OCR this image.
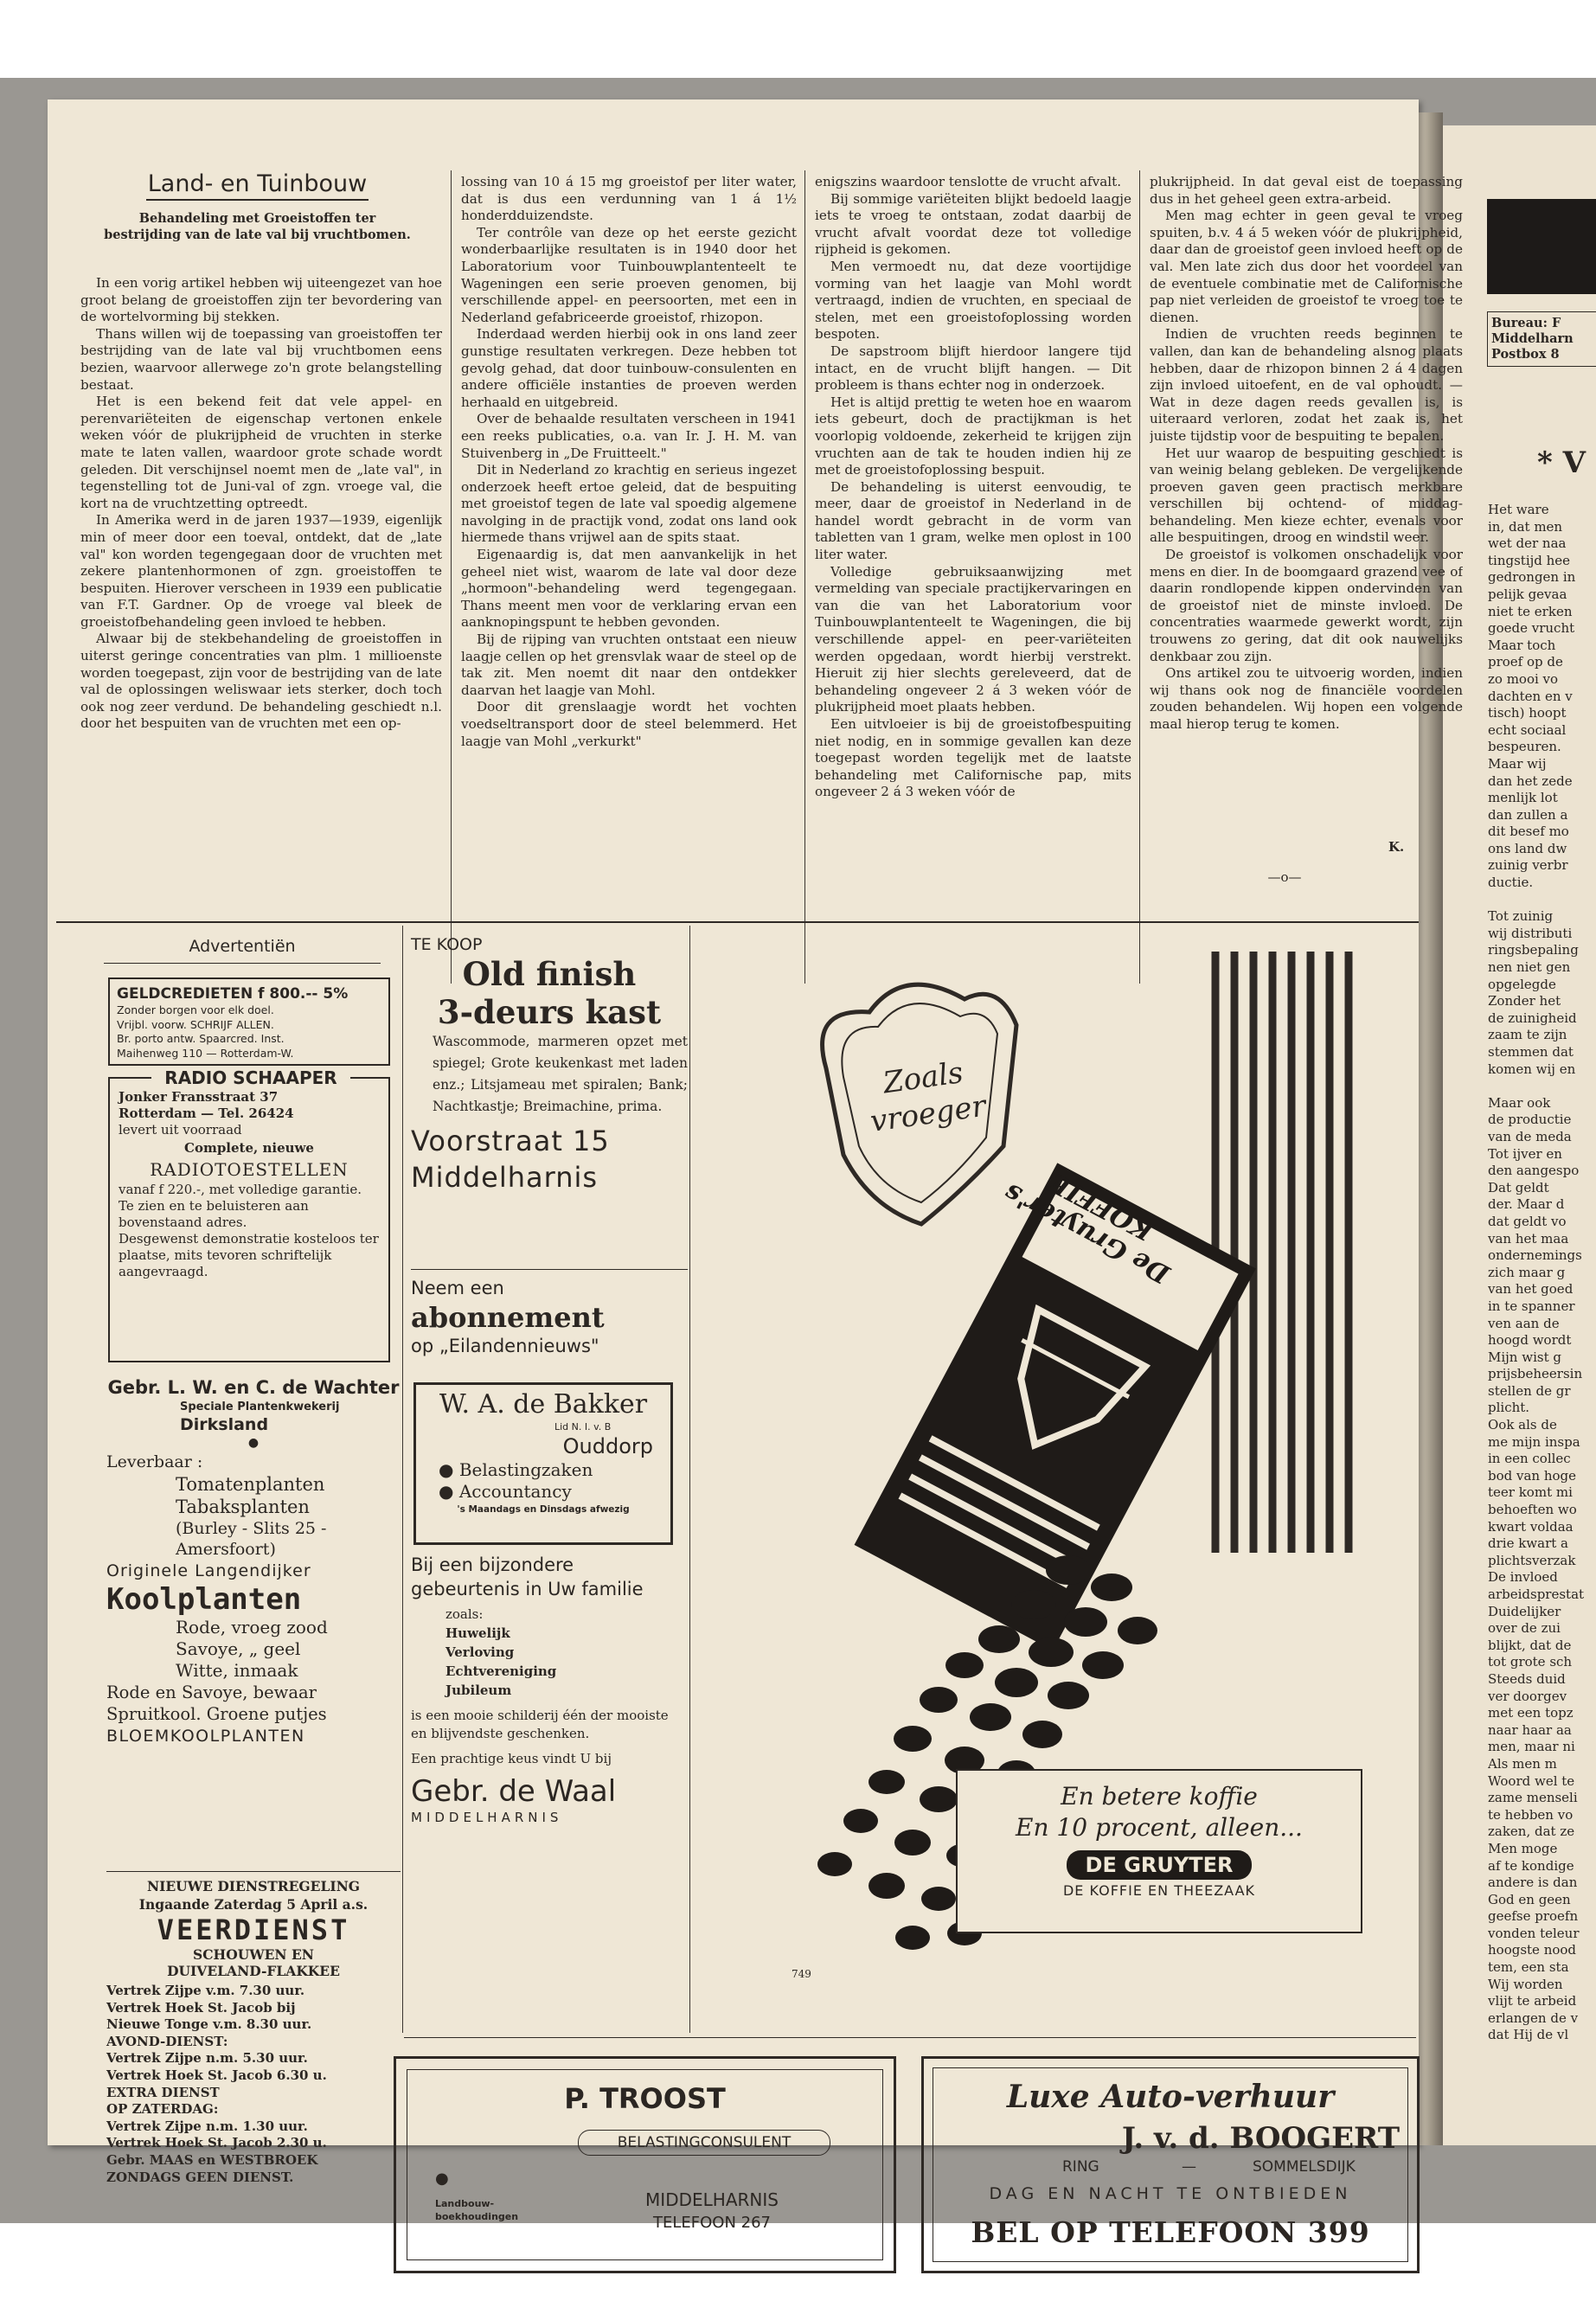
Bureau: F
Middelharn
Postbox 8
* V
Het ware
in, dat men
wet der naa
tingstijd hee
gedrongen in
pelijk gevaa
niet te erken
goede vrucht
Maar toch
proef op de
zo mooi vo
dachten en v
tisch) hoopt
echt sociaal
bespeuren.
Maar wij
dan het zede
menlijk lot
dan zullen a
dit besef mo
ons land dw
zuinig verbr
ductie.
Tot zuinig
wij distributi
ringsbepaling
nen niet gen
opgelegde
Zonder het
de zuinigheid
zaam te zijn
stemmen dat
komen wij en
Maar ook
de productie
van de meda
Tot ijver en
den aangespo
Dat geldt
der. Maar d
dat geldt vo
van het maa
ondernemings
zich maar g
van het goed
in te spanner
ven aan de
hoogd wordt
Mijn wist g
prijsbeheersin
stellen de gr
plicht.
Ook als de
me mijn inspa
in een collec
bod van hoge
teer komt mi
behoeften wo
kwart voldaa
drie kwart a
plichtsverzak
De invloed
arbeidsprestat
Duidelijker
over de zui
blijkt, dat de
tot grote sch
Steeds duid
ver doorgev
met een topz
naar haar aa
men, maar ni
Als men m
Woord wel te
zame menseli
te hebben vo
zaken, dat ze
Men moge
af te kondige
andere is dan
God en geen
geefse proefn
vonden teleur
hoogste nood
tem, een sta
Wij worden
vlijt te arbeid
erlangen de v
dat Hij de vl
Land- en Tuinbouw
Behandeling met Groeistoffen ter bestrijding van de late val bij vruchtbomen.

In een vorig artikel hebben wij uiteengezet van hoe groot belang de groeistoffen zijn ter bevordering van de wortelvorming bij stekken.

Thans willen wij de toepassing van groeistoffen ter bestrijding van de late val bij vruchtbomen eens bezien, waarvoor allerwege zo'n grote belangstelling bestaat.

Het is een bekend feit dat vele appel- en perenvariëteiten de eigenschap vertonen enkele weken vóór de plukrijpheid de vruchten in sterke mate te laten vallen, waardoor grote schade wordt geleden. Dit verschijnsel noemt men de „late val", in tegenstelling tot de Juni-val of zgn. vroege val, die kort na de vruchtzetting optreedt.

In Amerika werd in de jaren 1937—1939, eigenlijk min of meer door een toeval, ontdekt, dat de „late val" kon worden tegengegaan door de vruchten met zekere plantenhormonen of zgn. groeistoffen te bespuiten. Hierover verscheen in 1939 een publicatie van F.T. Gardner. Op de vroege val bleek de groeistofbehandeling geen invloed te hebben.

Alwaar bij de stekbehandeling de groeistoffen in uiterst geringe concentraties van plm. 1 millioenste worden toegepast, zijn voor de bestrijding van de late val de oplossingen weliswaar iets sterker, doch toch ook nog zeer verdund. De behandeling geschiedt n.l. door het bespuiten van de vruchten met een op-

lossing van 10 á 15 mg groeistof per liter water, dat is dus een verdunning van 1 á 1½ honderdduizendste.

Ter contrôle van deze op het eerste gezicht wonderbaarlijke resultaten is in 1940 door het Laboratorium voor Tuinbouwplantenteelt te Wageningen een serie proeven genomen, bij verschillende appel- en peersoorten, met een in Nederland gefabriceerde groeistof, rhizopon.

Inderdaad werden hierbij ook in ons land zeer gunstige resultaten verkregen. Deze hebben tot gevolg gehad, dat door tuinbouw-consulenten en andere officiële instanties de proeven werden herhaald en uitgebreid.

Over de behaalde resultaten verscheen in 1941 een reeks publicaties, o.a. van Ir. J. H. M. van Stuivenberg in „De Fruitteelt."

Dit in Nederland zo krachtig en serieus ingezet onderzoek heeft ertoe geleid, dat de bespuiting met groeistof tegen de late val spoedig algemene navolging in de practijk vond, zodat ons land ook hiermede thans vrijwel aan de spits staat.

Eigenaardig is, dat men aanvankelijk in het geheel niet wist, waarom de late val door deze „hormoon"-behandeling werd tegengegaan. Thans meent men voor de verklaring ervan een aanknopingspunt te hebben gevonden.

Bij de rijping van vruchten ontstaat een nieuw laagje cellen op het grensvlak waar de steel op de tak zit. Men noemt dit naar den ontdekker daarvan het laagje van Mohl.

Door dit grenslaagje wordt het vochten voedseltransport door de steel belemmerd. Het laagje van Mohl „verkurkt"

enigszins waardoor tenslotte de vrucht afvalt.

Bij sommige variëteiten blijkt bedoeld laagje iets te vroeg te ontstaan, zodat daarbij de vrucht afvalt voordat deze tot volledige rijpheid is gekomen.

Men vermoedt nu, dat deze voortijdige vorming van het laagje van Mohl wordt vertraagd, indien de vruchten, en speciaal de stelen, met een groeistofoplossing worden bespoten.

De sapstroom blijft hierdoor langere tijd intact, en de vrucht blijft hangen. — Dit probleem is thans echter nog in onderzoek.

Het is altijd prettig te weten hoe en waarom iets gebeurt, doch de practijkman is het voorlopig voldoende, zekerheid te krijgen zijn vruchten aan de tak te houden indien hij ze met de groeistofoplossing bespuit.

De behandeling is uiterst eenvoudig, te meer, daar de groeistof in Nederland in de handel wordt gebracht in de vorm van tabletten van 1 gram, welke men oplost in 100 liter water.

Volledige gebruiksaanwijzing met vermelding van speciale practijkervaringen en van die van het Laboratorium voor Tuinbouwplantenteelt te Wageningen, die bij verschillende appel- en peer-variëteiten werden opgedaan, wordt hierbij verstrekt. Hieruit zij hier slechts gereleveerd, dat de behandeling ongeveer 2 á 3 weken vóór de plukrijpheid moet plaats hebben.

Een uitvloeier is bij de groeistofbespuiting niet nodig, en in sommige gevallen kan deze toegepast worden tegelijk met de laatste behandeling met Californische pap, mits ongeveer 2 á 3 weken vóór de

plukrijpheid. In dat geval eist de toepassing dus in het geheel geen extra-arbeid.

Men mag echter in geen geval te vroeg spuiten, b.v. 4 á 5 weken vóór de plukrijpheid, daar dan de groeistof geen invloed heeft op de val. Men late zich dus door het voordeel van de eventuele combinatie met de Californische pap niet verleiden de groeistof te vroeg toe te dienen.

Indien de vruchten reeds beginnen te vallen, dan kan de behandeling alsnog plaats hebben, daar de rhizopon binnen 2 á 4 dagen zijn invloed uitoefent, en de val ophoudt. — Wat in deze dagen reeds gevallen is, is uiteraard verloren, zodat het zaak is, het juiste tijdstip voor de bespuiting te bepalen.

Het uur waarop de bespuiting geschiedt is van weinig belang gebleken. De vergelijkende proeven gaven geen practisch merkbare verschillen bij ochtend- of middag-behandeling. Men kieze echter, evenals voor alle bespuitingen, droog en windstil weer.

De groeistof is volkomen onschadelijk voor mens en dier. In de boomgaard grazend vee of daarin rondlopende kippen ondervinden van de groeistof niet de minste invloed. De concentraties waarmede gewerkt wordt, zijn trouwens zo gering, dat dit ook nauwelijks denkbaar zou zijn.

Ons artikel zou te uitvoerig worden, indien wij thans ook nog de financiële voordelen zouden behandelen. Wij hopen een volgende maal hierop terug te komen.

K.
—o—
Advertentiën
GELDCREDIETEN f 800.-- 5%
Zonder borgen voor elk doel.
Vrijbl. voorw. SCHRIJF ALLEN.
Br. porto antw. Spaarcred. Inst.
Maihenweg 110 — Rotterdam-W.
RADIO SCHAAPER
Jonker Fransstraat 37
Rotterdam — Tel. 26424
levert uit voorraad
Complete, nieuwe
RADIOTOESTELLEN
vanaf f 220.-, met volledige garantie.
Te zien en te beluisteren aan bovenstaand adres.
Desgewenst demonstratie kosteloos ter plaatse, mits tevoren schriftelijk aangevraagd.
Gebr. L. W. en C. de Wachter
Speciale Plantenkwekerij
Dirksland
●
Leverbaar :
Tomatenplanten
Tabaksplanten
(Burley - Slits 25 -
Amersfoort)
Originele Langendijker
Koolplanten
Rode, vroeg zood
Savoye, „ geel
Witte, inmaak
Rode en Savoye, bewaar Spruitkool. Groene putjes
BLOEMKOOLPLANTEN
NIEUWE DIENSTREGELING
Ingaande Zaterdag 5 April a.s.
VEERDIENST
SCHOUWEN EN
DUIVELAND-FLAKKEE
Vertrek Zijpe v.m. 7.30 uur.
Vertrek Hoek St. Jacob bij
Nieuwe Tonge v.m. 8.30 uur.
AVOND-DIENST:
Vertrek Zijpe n.m. 5.30 uur.
Vertrek Hoek St. Jacob 6.30 u.
EXTRA DIENST
OP ZATERDAG:
Vertrek Zijpe n.m. 1.30 uur.
Vertrek Hoek St. Jacob 2.30 u.
Gebr. MAAS en WESTBROEK
ZONDAGS GEEN DIENST.
TE KOOP
Old finish
3-deurs kast
Wascommode, marmeren opzet met spiegel; Grote keukenkast met laden enz.; Litsjameau met spiralen; Bank; Nachtkastje; Breimachine, prima.
Voorstraat 15
Middelharnis
Neem een
abonnement
op „Eilandennieuws"
W. A. de Bakker
Lid N. I. v. B
Ouddorp
● Belastingzaken
● Accountancy
's Maandags en Dinsdags afwezig
Bij een bijzondere gebeurtenis in Uw familie
zoals:
Huwelijk
Verloving
Echtvereniging
Jubileum
is een mooie schilderij één der mooiste en blijvendste geschenken.
Een prachtige keus vindt U bij
Gebr. de Waal
MIDDELHARNIS
Zoals vroeger
De Gruyter's KOFFIE
En betere koffie
En 10 procent, alleen...
DE GRUYTER
DE KOFFIE EN THEEZAAK
749
P. TROOST
BELASTINGCONSULENT
●
Landbouw-boekhoudingen
MIDDELHARNIS
TELEFOON 267
Luxe Auto-verhuur
J. v. d. BOOGERT
RING	—	SOMMELSDIJK
DAG EN NACHT TE ONTBIEDEN
BEL OP TELEFOON 399
